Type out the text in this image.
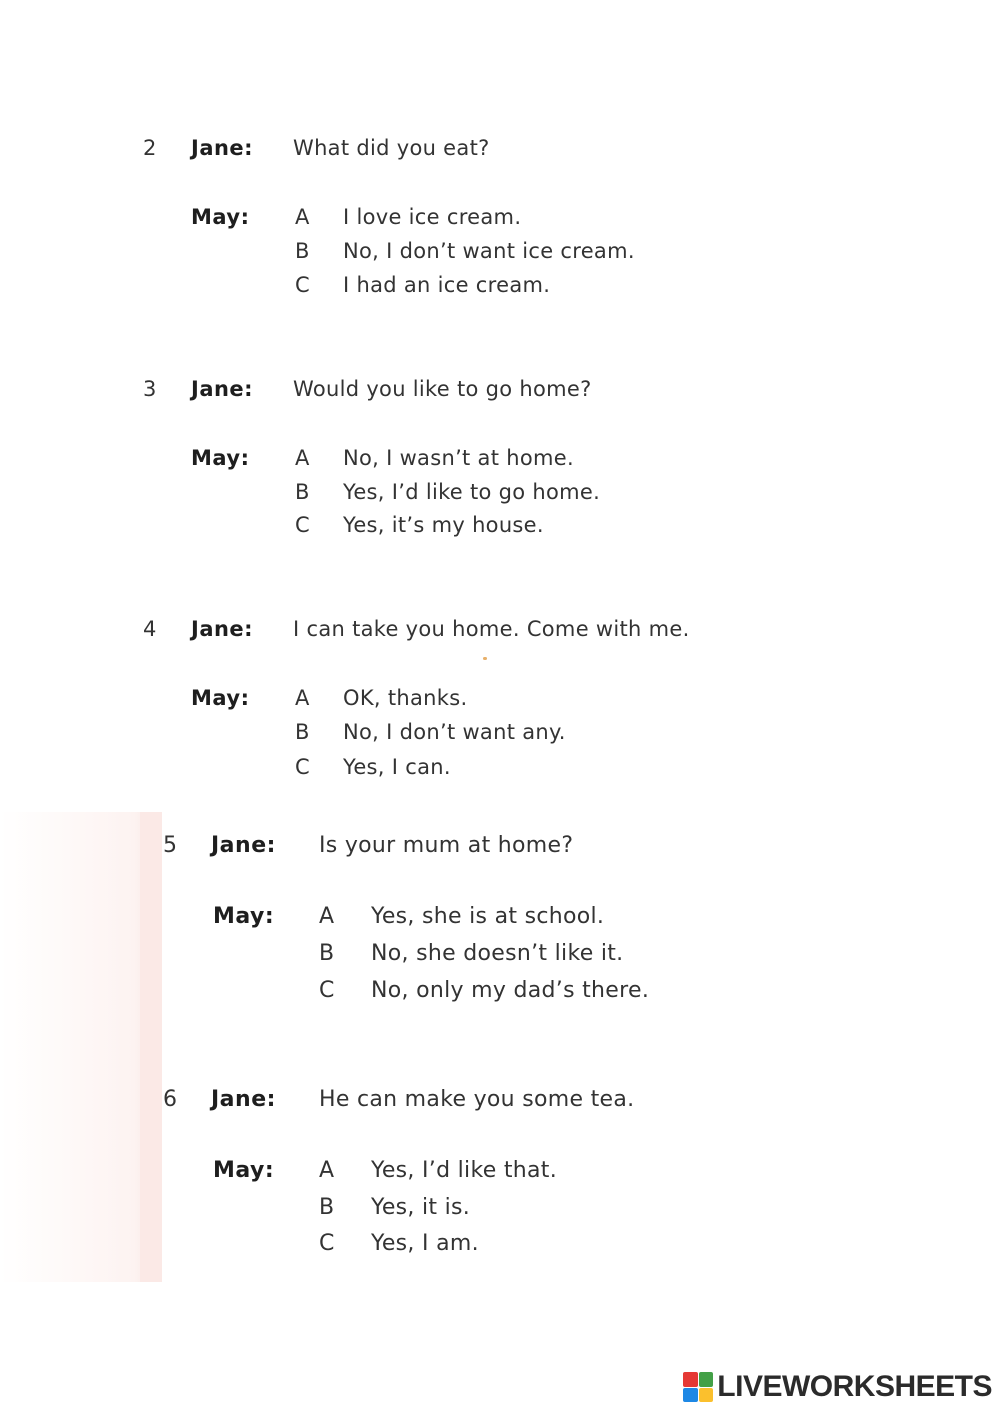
2 Jane: What did you eat?
May: A I love ice cream.
B No, I don’t want ice cream.
C I had an ice cream.
3 Jane: Would you like to go home?
May: A No, I wasn’t at home.
B Yes, I’d like to go home.
C Yes, it’s my house.
4 Jane: I can take you home. Come with me.
May: A OK, thanks.
B No, I don’t want any.
C Yes, I can.
5 Jane: Is your mum at home?
May: A Yes, she is at school.
B No, she doesn’t like it.
C No, only my dad’s there.
6 Jane: He can make you some tea.
May: A Yes, I’d like that.
B Yes, it is.
C Yes, I am.
LIVEWORKSHEETS
